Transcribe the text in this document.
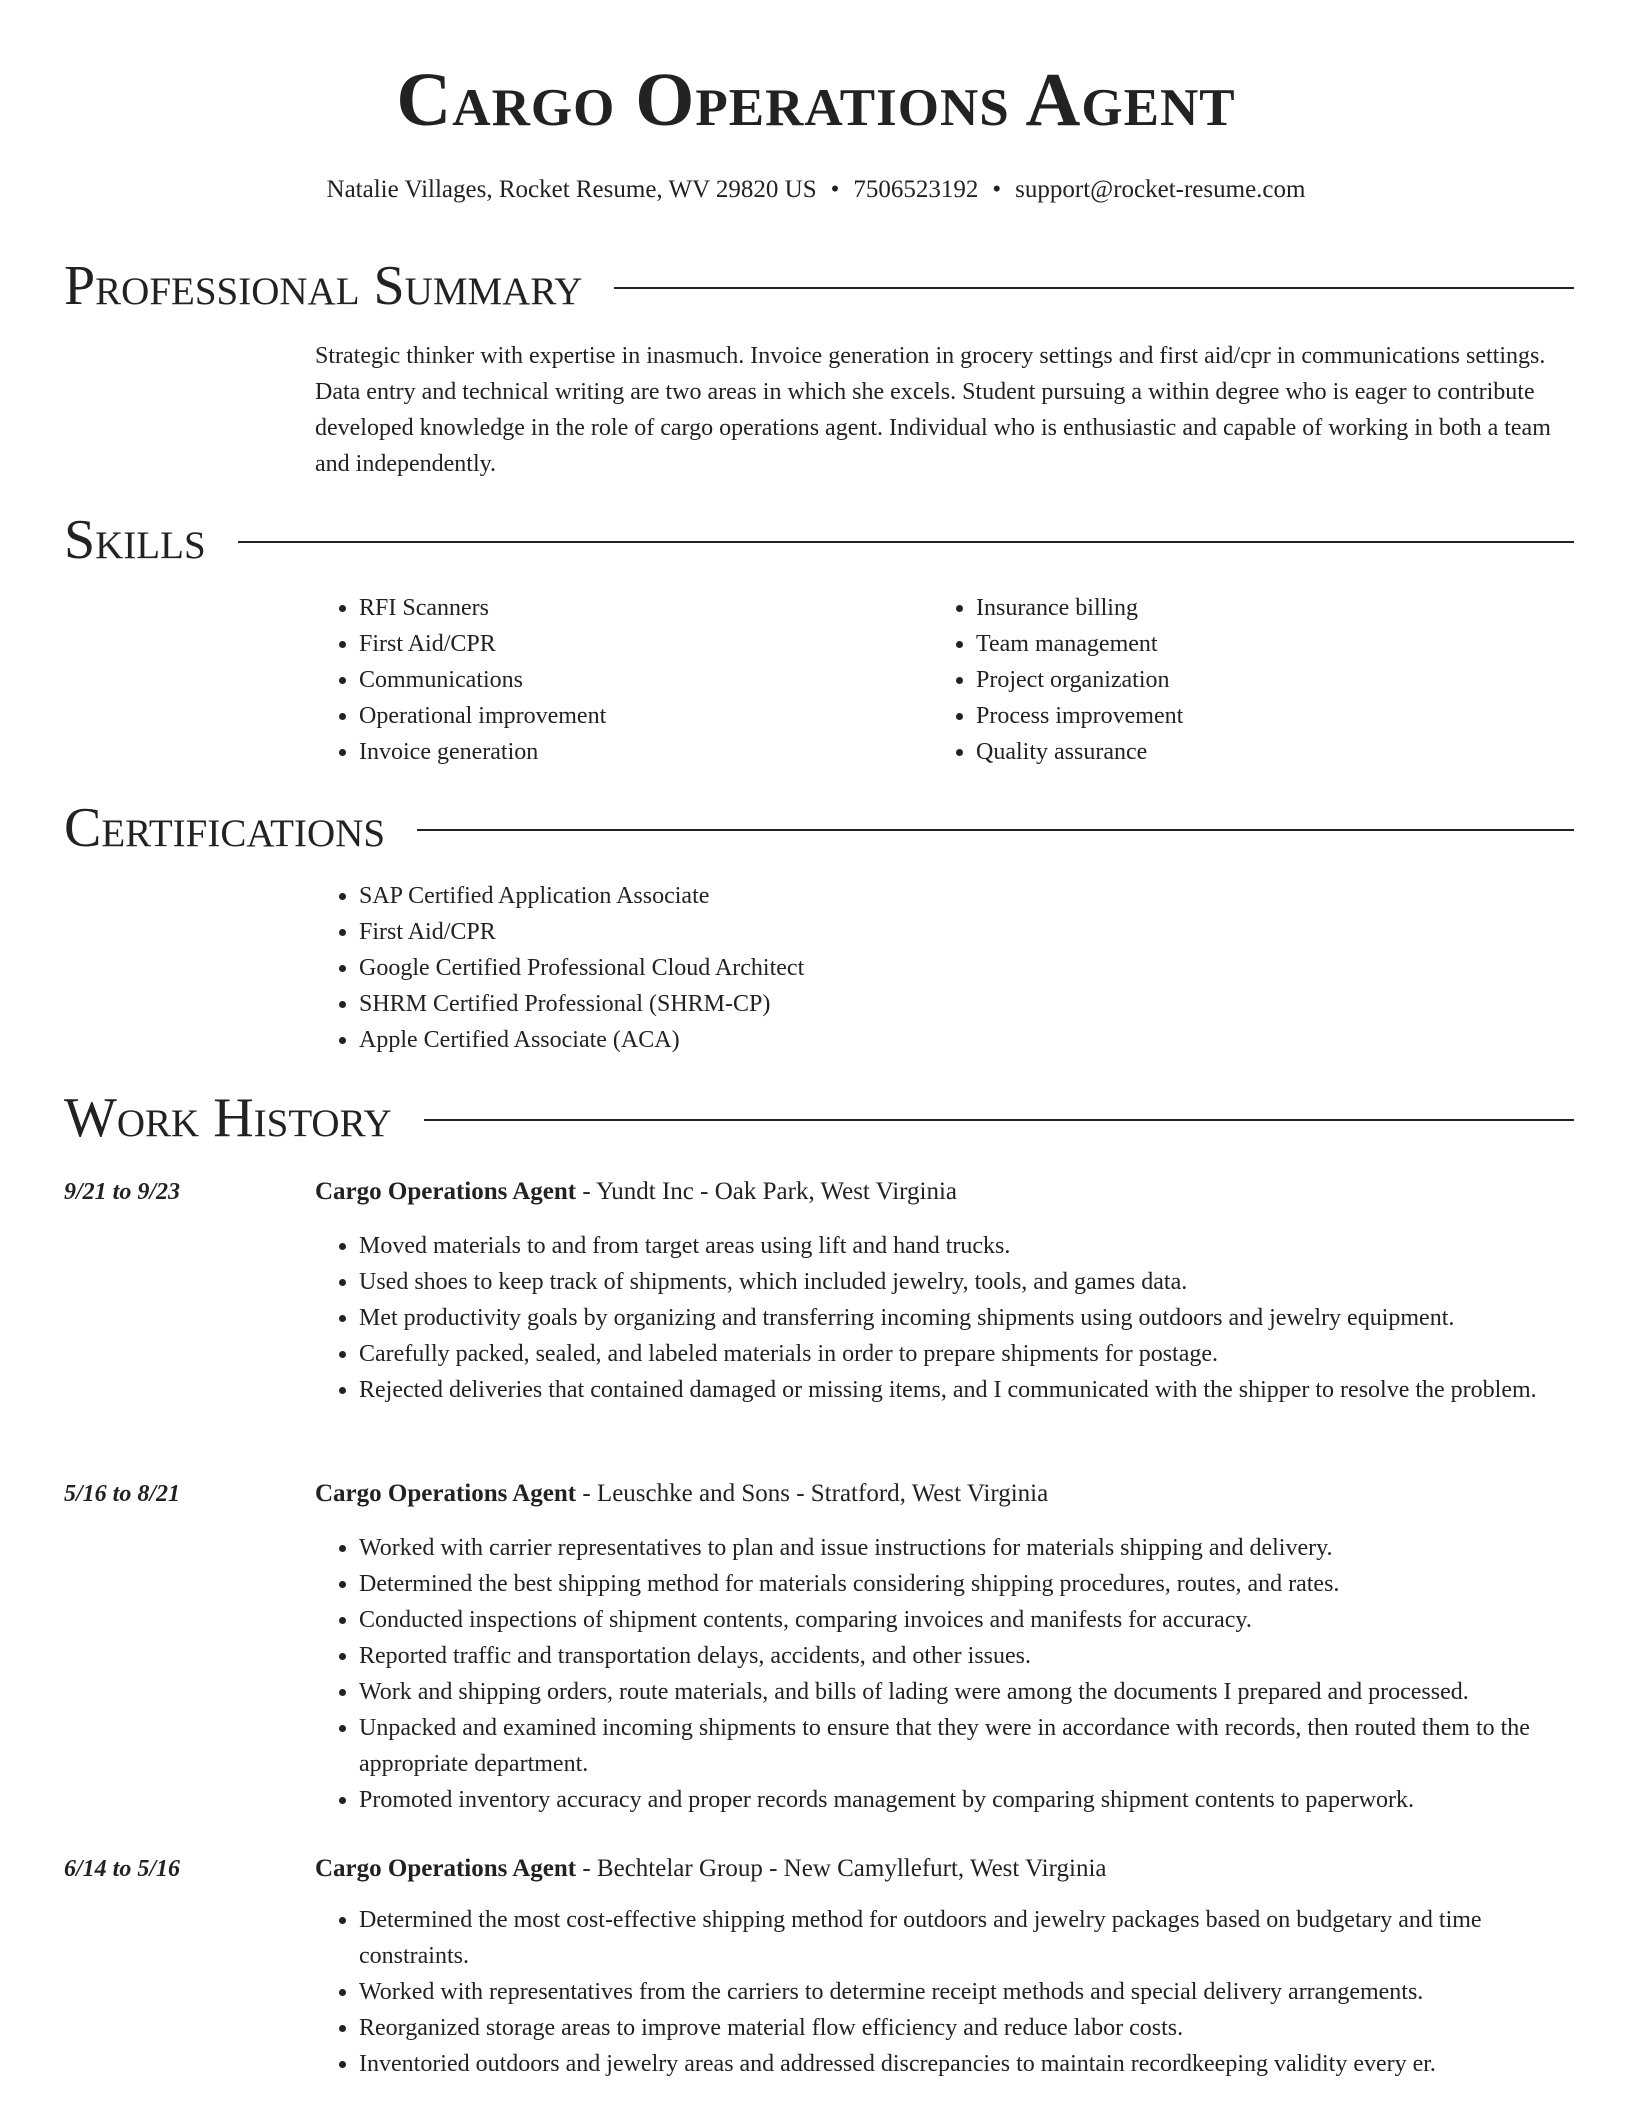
Cargo Operations Agent
Natalie Villages, Rocket Resume, WV 29820 US • 7506523192 • support@rocket-resume.com
Professional Summary
Strategic thinker with expertise in inasmuch. Invoice generation in grocery settings and first aid/cpr in communications settings. Data entry and technical writing are two areas in which she excels. Student pursuing a within degree who is eager to contribute developed knowledge in the role of cargo operations agent. Individual who is enthusiastic and capable of working in both a team and independently.
Skills
• RFI Scanners
• First Aid/CPR
• Communications
• Operational improvement
• Invoice generation
• Insurance billing
• Team management
• Project organization
• Process improvement
• Quality assurance
Certifications
• SAP Certified Application Associate
• First Aid/CPR
• Google Certified Professional Cloud Architect
• SHRM Certified Professional (SHRM-CP)
• Apple Certified Associate (ACA)
Work History
9/21 to 9/23	Cargo Operations Agent - Yundt Inc - Oak Park, West Virginia
• Moved materials to and from target areas using lift and hand trucks.
• Used shoes to keep track of shipments, which included jewelry, tools, and games data.
• Met productivity goals by organizing and transferring incoming shipments using outdoors and jewelry equipment.
• Carefully packed, sealed, and labeled materials in order to prepare shipments for postage.
• Rejected deliveries that contained damaged or missing items, and I communicated with the shipper to resolve the problem.
5/16 to 8/21	Cargo Operations Agent - Leuschke and Sons - Stratford, West Virginia
• Worked with carrier representatives to plan and issue instructions for materials shipping and delivery.
• Determined the best shipping method for materials considering shipping procedures, routes, and rates.
• Conducted inspections of shipment contents, comparing invoices and manifests for accuracy.
• Reported traffic and transportation delays, accidents, and other issues.
• Work and shipping orders, route materials, and bills of lading were among the documents I prepared and processed.
• Unpacked and examined incoming shipments to ensure that they were in accordance with records, then routed them to the appropriate department.
• Promoted inventory accuracy and proper records management by comparing shipment contents to paperwork.
6/14 to 5/16	Cargo Operations Agent - Bechtelar Group - New Camyllefurt, West Virginia
• Determined the most cost-effective shipping method for outdoors and jewelry packages based on budgetary and time constraints.
• Worked with representatives from the carriers to determine receipt methods and special delivery arrangements.
• Reorganized storage areas to improve material flow efficiency and reduce labor costs.
• Inventoried outdoors and jewelry areas and addressed discrepancies to maintain recordkeeping validity every er.
